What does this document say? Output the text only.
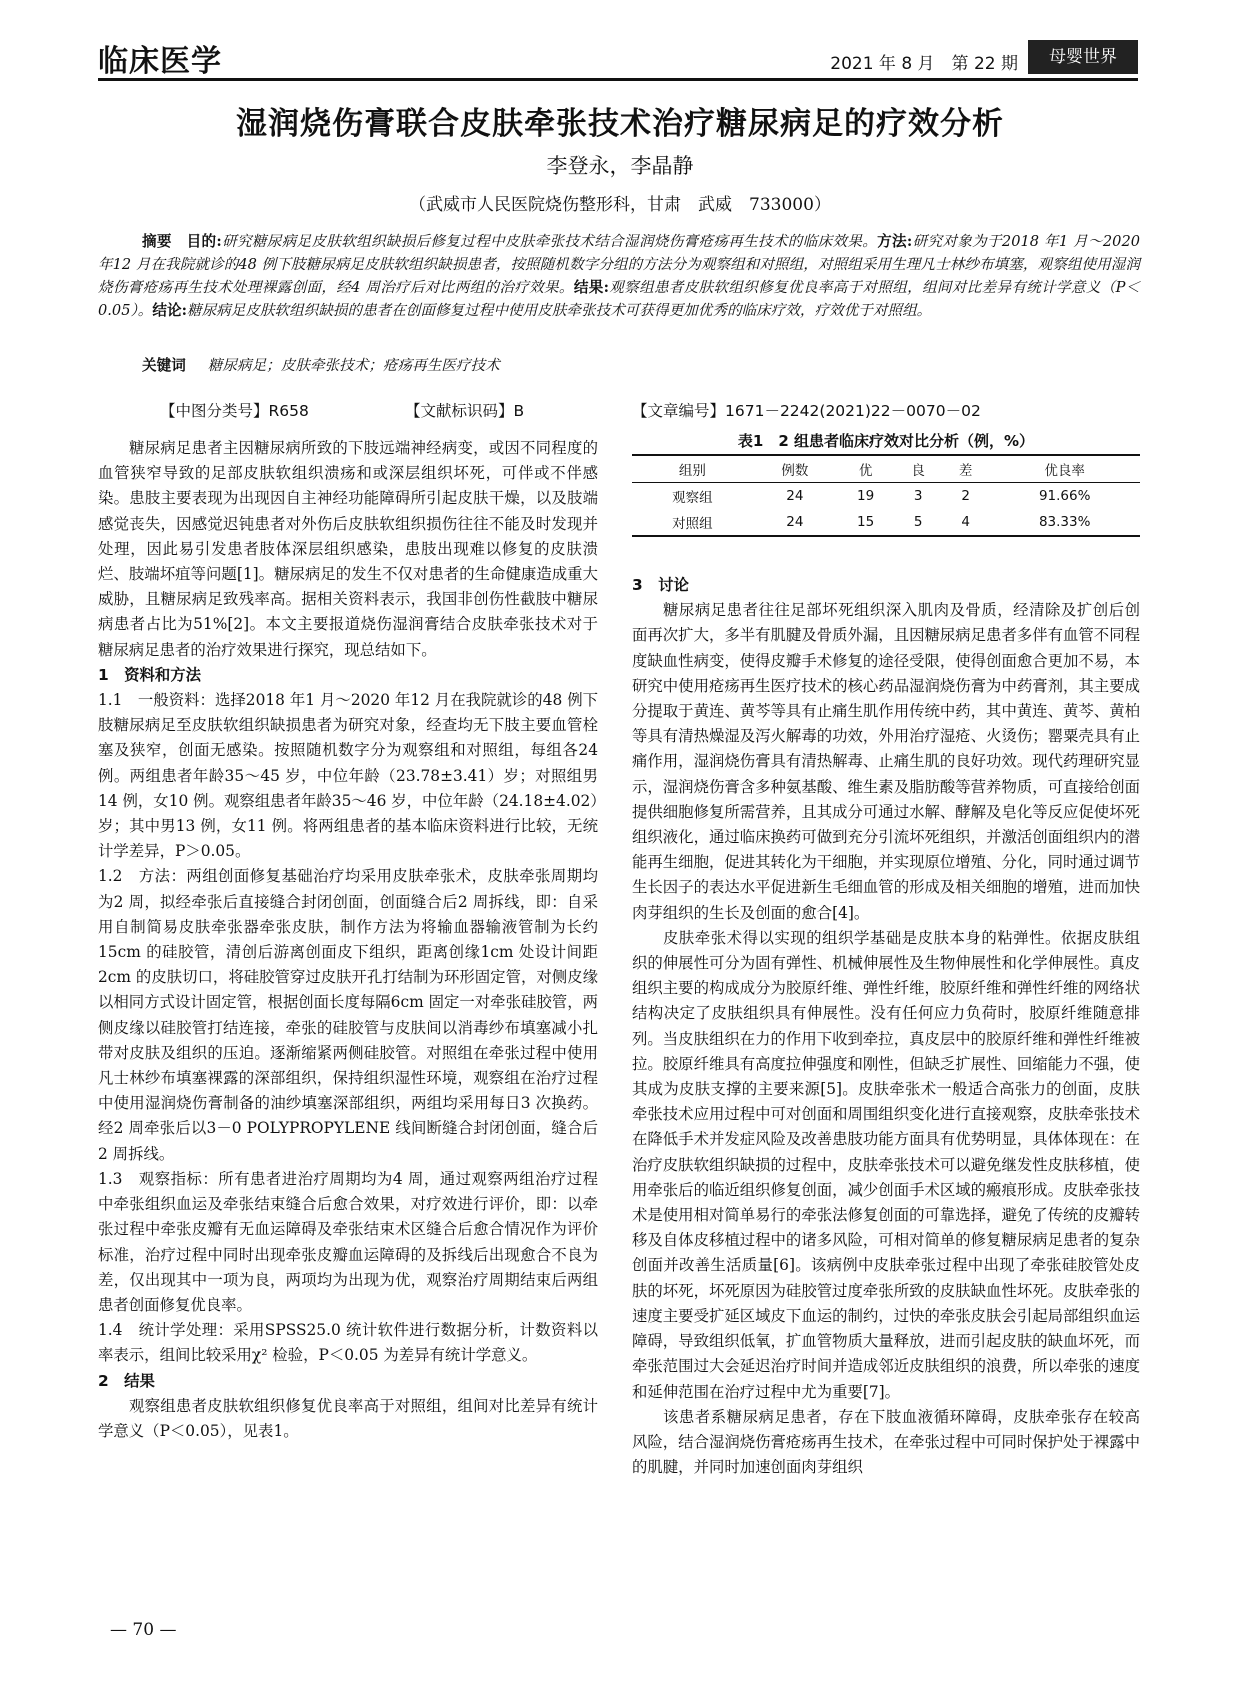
临床医学	2021 年 8 月　第 22 期	母婴世界
湿润烧伤膏联合皮肤牵张技术治疗糖尿病足的疗效分析
李登永，李晶静
（武威市人民医院烧伤整形科，甘肃　武威　733000）
摘要　目的:研究糖尿病足皮肤软组织缺损后修复过程中皮肤牵张技术结合湿润烧伤膏疮疡再生技术的临床效果。方法:研究对象为于2018 年1 月～2020 年12 月在我院就诊的48 例下肢糖尿病足皮肤软组织缺损患者，按照随机数字分组的方法分为观察组和对照组，对照组采用生理凡士林纱布填塞，观察组使用湿润烧伤膏疮疡再生技术处理裸露创面，经4 周治疗后对比两组的治疗效果。结果:观察组患者皮肤软组织修复优良率高于对照组，组间对比差异有统计学意义（P＜0.05）。结论:糖尿病足皮肤软组织缺损的患者在创面修复过程中使用皮肤牵张技术可获得更加优秀的临床疗效，疗效优于对照组。
关键词 糖尿病足；皮肤牵张技术；疮疡再生医疗技术
【中图分类号】R658	【文献标识码】B	【文章编号】1671－2242(2021)22－0070－02

糖尿病足患者主因糖尿病所致的下肢远端神经病变，或因不同程度的血管狭窄导致的足部皮肤软组织溃疡和或深层组织坏死，可伴或不伴感染。患肢主要表现为出现因自主神经功能障碍所引起皮肤干燥，以及肢端感觉丧失，因感觉迟钝患者对外伤后皮肤软组织损伤往往不能及时发现并处理，因此易引发患者肢体深层组织感染，患肢出现难以修复的皮肤溃烂、肢端坏疽等问题[1]。糖尿病足的发生不仅对患者的生命健康造成重大威胁，且糖尿病足致残率高。据相关资料表示，我国非创伤性截肢中糖尿病患者占比为51%[2]。本文主要报道烧伤湿润膏结合皮肤牵张技术对于糖尿病足患者的治疗效果进行探究，现总结如下。

1　资料和方法

1.1　一般资料：选择2018 年1 月～2020 年12 月在我院就诊的48 例下肢糖尿病足至皮肤软组织缺损患者为研究对象，经查均无下肢主要血管栓塞及狭窄，创面无感染。按照随机数字分为观察组和对照组，每组各24 例。两组患者年龄35～45 岁，中位年龄（23.78±3.41）岁；对照组男14 例，女10 例。观察组患者年龄35～46 岁，中位年龄（24.18±4.02）岁；其中男13 例，女11 例。将两组患者的基本临床资料进行比较，无统计学差异，P＞0.05。

1.2　方法：两组创面修复基础治疗均采用皮肤牵张术，皮肤牵张周期均为2 周，拟经牵张后直接缝合封闭创面，创面缝合后2 周拆线，即：自采用自制简易皮肤牵张器牵张皮肤，制作方法为将输血器输液管制为长约15cm 的硅胶管，清创后游离创面皮下组织，距离创缘1cm 处设计间距2cm 的皮肤切口，将硅胶管穿过皮肤开孔打结制为环形固定管，对侧皮缘以相同方式设计固定管，根据创面长度每隔6cm 固定一对牵张硅胶管，两侧皮缘以硅胶管打结连接，牵张的硅胶管与皮肤间以消毒纱布填塞减小扎带对皮肤及组织的压迫。逐渐缩紧两侧硅胶管。对照组在牵张过程中使用凡士林纱布填塞裸露的深部组织，保持组织湿性环境，观察组在治疗过程中使用湿润烧伤膏制备的油纱填塞深部组织，两组均采用每日3 次换药。经2 周牵张后以3－0 POLYPROPYLENE 线间断缝合封闭创面，缝合后2 周拆线。

1.3　观察指标：所有患者进治疗周期均为4 周，通过观察两组治疗过程中牵张组织血运及牵张结束缝合后愈合效果，对疗效进行评价，即：以牵张过程中牵张皮瓣有无血运障碍及牵张结束术区缝合后愈合情况作为评价标准，治疗过程中同时出现牵张皮瓣血运障碍的及拆线后出现愈合不良为差，仅出现其中一项为良，两项均为出现为优，观察治疗周期结束后两组患者创面修复优良率。

1.4　统计学处理：采用SPSS25.0 统计软件进行数据分析，计数资料以率表示，组间比较采用χ² 检验，P＜0.05 为差异有统计学意义。

2　结果

观察组患者皮肤软组织修复优良率高于对照组，组间对比差异有统计学意义（P＜0.05），见表1。

表1　2 组患者临床疗效对比分析（例，%）
组别	例数	优	良	差	优良率
观察组	24	19	3	2	91.66%
对照组	24	15	5	4	83.33%

3　讨论

糖尿病足患者往往足部坏死组织深入肌肉及骨质，经清除及扩创后创面再次扩大，多半有肌腱及骨质外漏，且因糖尿病足患者多伴有血管不同程度缺血性病变，使得皮瓣手术修复的途径受限，使得创面愈合更加不易，本研究中使用疮疡再生医疗技术的核心药品湿润烧伤膏为中药膏剂，其主要成分提取于黄连、黄芩等具有止痛生肌作用传统中药，其中黄连、黄芩、黄柏等具有清热燥湿及泻火解毒的功效，外用治疗湿疮、火烫伤；罂粟壳具有止痛作用，湿润烧伤膏具有清热解毒、止痛生肌的良好功效。现代药理研究显示，湿润烧伤膏含多种氨基酸、维生素及脂肪酸等营养物质，可直接给创面提供细胞修复所需营养，且其成分可通过水解、酵解及皂化等反应促使坏死组织液化，通过临床换药可做到充分引流坏死组织，并激活创面组织内的潜能再生细胞，促进其转化为干细胞，并实现原位增殖、分化，同时通过调节生长因子的表达水平促进新生毛细血管的形成及相关细胞的增殖，进而加快肉芽组织的生长及创面的愈合[4]。

皮肤牵张术得以实现的组织学基础是皮肤本身的粘弹性。依据皮肤组织的伸展性可分为固有弹性、机械伸展性及生物伸展性和化学伸展性。真皮组织主要的构成成分为胶原纤维、弹性纤维，胶原纤维和弹性纤维的网络状结构决定了皮肤组织具有伸展性。没有任何应力负荷时，胶原纤维随意排列。当皮肤组织在力的作用下收到牵拉，真皮层中的胶原纤维和弹性纤维被拉。胶原纤维具有高度拉伸强度和刚性，但缺乏扩展性、回缩能力不强，使其成为皮肤支撑的主要来源[5]。皮肤牵张术一般适合高张力的创面，皮肤牵张技术应用过程中可对创面和周围组织变化进行直接观察，皮肤牵张技术在降低手术并发症风险及改善患肢功能方面具有优势明显，具体体现在：在治疗皮肤软组织缺损的过程中，皮肤牵张技术可以避免继发性皮肤移植，使用牵张后的临近组织修复创面，减少创面手术区域的瘢痕形成。皮肤牵张技术是使用相对简单易行的牵张法修复创面的可靠选择，避免了传统的皮瓣转移及自体皮移植过程中的诸多风险，可相对简单的修复糖尿病足患者的复杂创面并改善生活质量[6]。该病例中皮肤牵张过程中出现了牵张硅胶管处皮肤的坏死，坏死原因为硅胶管过度牵张所致的皮肤缺血性坏死。皮肤牵张的速度主要受扩延区域皮下血运的制约，过快的牵张皮肤会引起局部组织血运障碍，导致组织低氧，扩血管物质大量释放，进而引起皮肤的缺血坏死，而牵张范围过大会延迟治疗时间并造成邻近皮肤组织的浪费，所以牵张的速度和延伸范围在治疗过程中尤为重要[7]。

该患者系糖尿病足患者，存在下肢血液循环障碍，皮肤牵张存在较高风险，结合湿润烧伤膏疮疡再生技术，在牵张过程中可同时保护处于裸露中的肌腱，并同时加速创面肉芽组织

— 70 —
